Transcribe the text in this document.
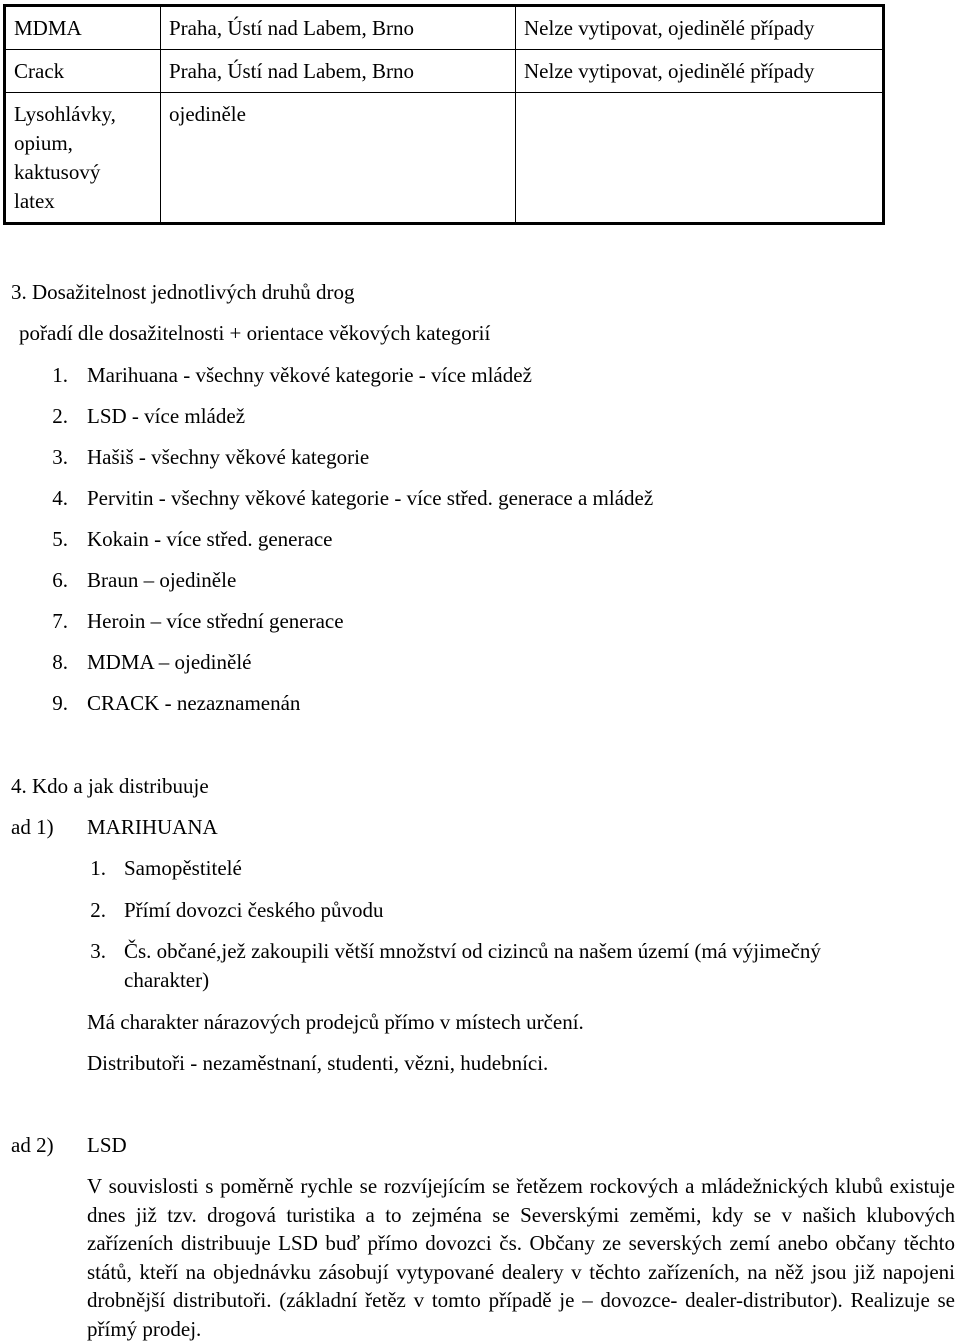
MDMA	Praha, Ústí nad Labem, Brno	Nelze vytipovat, ojedinělé případy
Crack	Praha, Ústí nad Labem, Brno	Nelze vytipovat, ojedinělé případy

Lysohlávky,
opium,
kaktusový
latex	ojediněle	
3. Dosažitelnost jednotlivých druhů drog
pořadí dle dosažitelnosti + orientace věkových kategorií
1. Marihuana - všechny věkové kategorie - více mládež
2. LSD - více mládež
3. Hašiš - všechny věkové kategorie
4. Pervitin - všechny věkové kategorie - více střed. generace a mládež
5. Kokain - více střed. generace
6. Braun – ojediněle
7. Heroin – více střední generace
8. MDMA – ojedinělé
9. CRACK - nezaznamenán
4. Kdo a jak distribuuje
ad 1) MARIHUANA
1. Samopěstitelé
2. Přímí dovozci českého původu
3. Čs. občané,jež zakoupili větší množství od cizinců na našem území (má výjimečný
charakter)
Má charakter nárazových prodejců přímo v místech určení.
Distributoři - nezaměstnaní, studenti, vězni, hudebníci.
ad 2) LSD
V souvislosti s poměrně rychle se rozvíjejícím se řetězem rockových a mládežnických klubů existuje dnes již tzv. drogová turistika a to zejména se Severskými zeměmi, kdy se v našich klubových zařízeních distribuuje LSD buď přímo dovozci čs. Občany ze severských zemí anebo občany těchto států, kteří na objednávku zásobují vytypované dealery v těchto zařízeních, na něž jsou již napojeni drobnější distributoři. (základní řetěz v tomto případě je – dovozce- dealer-distributor). Realizuje se přímý prodej.
